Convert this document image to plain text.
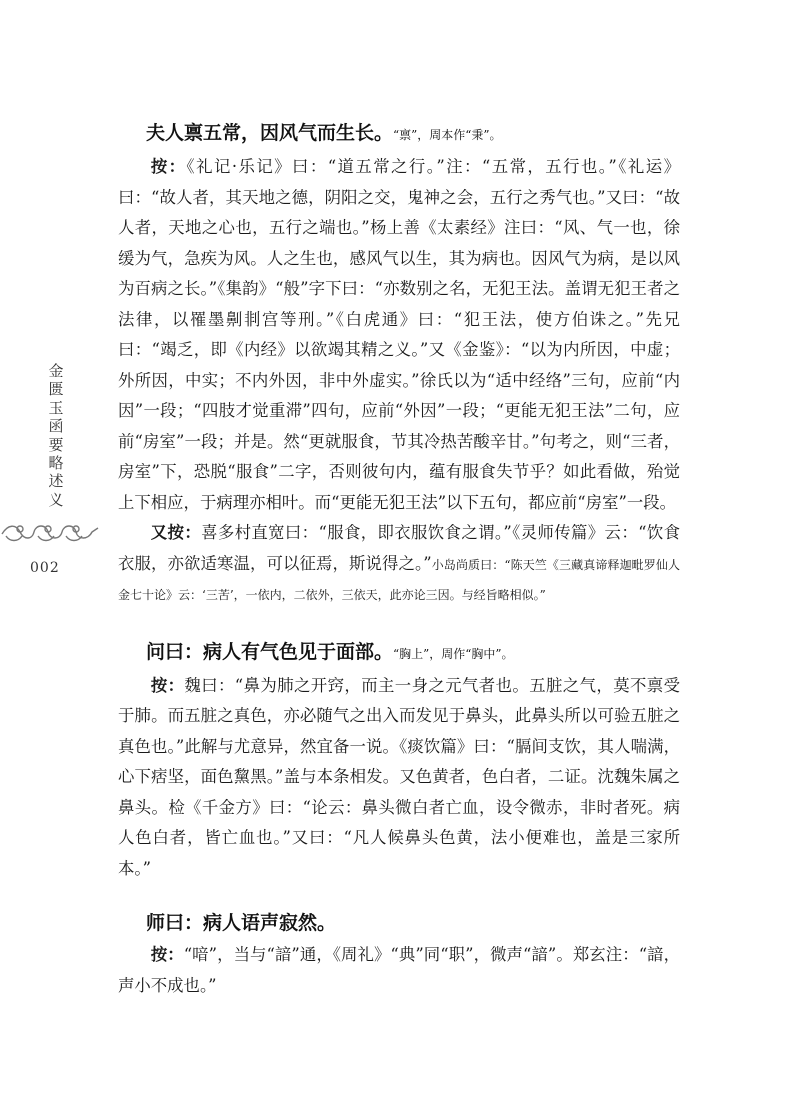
金匮玉函要略述义
002

夫人禀五常，因风气而生长。“禀”，周本作“秉”。

按：《礼记·乐记》曰：“道五常之行。”注：“五常，五行也。”《礼运》曰：“故人者，其天地之德，阴阳之交，鬼神之会，五行之秀气也。”又曰：“故人者，天地之心也，五行之端也。”杨上善《太素经》注曰：“风、气一也，徐缓为气，急疾为风。人之生也，感风气以生，其为病也。因风气为病，是以风为百病之长。”《集韵》“般”字下曰：“亦数别之名，无犯王法。盖谓无犯王者之法律，以罹墨劓剕宫等刑。”《白虎通》曰：“犯王法，使方伯诛之。”先兄曰：“竭乏，即《内经》以欲竭其精之义。”又《金鉴》：“以为内所因，中虚；外所因，中实；不内外因，非中外虚实。”徐氏以为“适中经络”三句，应前“内因”一段；“四肢才觉重滞”四句，应前“外因”一段；“更能无犯王法”二句，应前“房室”一段；并是。然“更就服食，节其冷热苦酸辛甘。”句考之，则“三者，房室”下，恐脱“服食”二字，否则彼句内，蕴有服食失节乎？如此看做，殆觉上下相应，于病理亦相叶。而“更能无犯王法”以下五句，都应前“房室”一段。

又按：喜多村直宽曰：“服食，即衣服饮食之谓。”《灵师传篇》云：“饮食衣服，亦欲适寒温，可以征焉，斯说得之。”小岛尚质曰：“陈天竺《三藏真谛释迦毗罗仙人金七十论》云：‘三苦’，一依内，二依外，三依天，此亦论三因。与经旨略相似。”

问曰：病人有气色见于面部。“胸上”，周作“胸中”。

按：魏曰：“鼻为肺之开窍，而主一身之元气者也。五脏之气，莫不禀受于肺。而五脏之真色，亦必随气之出入而发见于鼻头，此鼻头所以可验五脏之真色也。”此解与尤意异，然宜备一说。《痰饮篇》曰：“膈间支饮，其人喘满，心下痞坚，面色黧黑。”盖与本条相发。又色黄者，色白者，二证。沈魏朱属之鼻头。检《千金方》曰：“论云：鼻头微白者亡血，设令微赤，非时者死。病人色白者，皆亡血也。”又曰：“凡人候鼻头色黄，法小便难也，盖是三家所本。”

师曰：病人语声寂然。

按：“喑”，当与“諳”通，《周礼》“典”同“职”，微声“諳”。郑玄注：“諳，声小不成也。”
